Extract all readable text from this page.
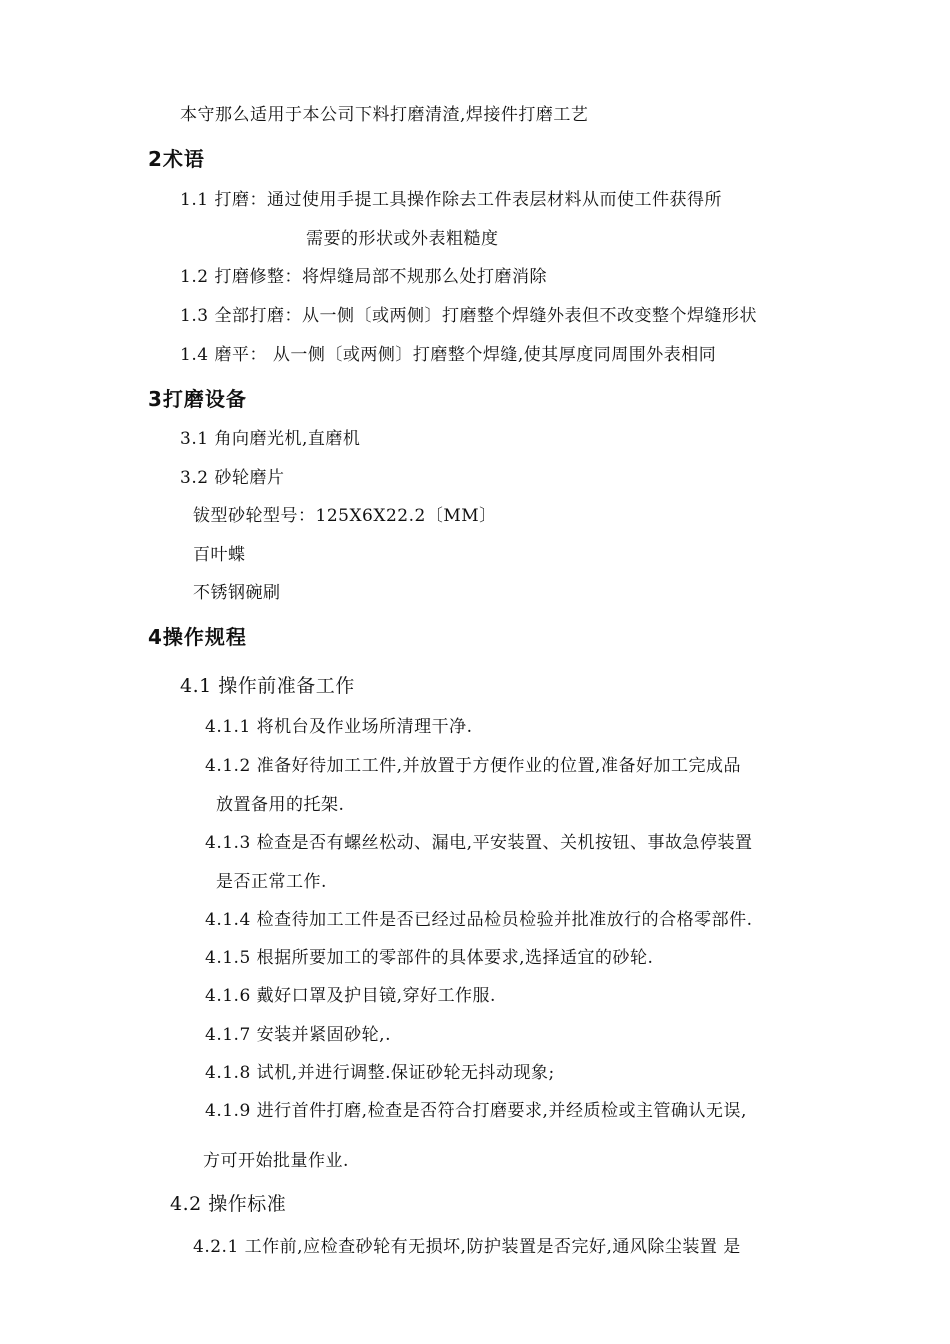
本守那么适用于本公司下料打磨清渣,焊接件打磨工艺
2术语
1.1 打磨：通过使用手提工具操作除去工件表层材料从而使工件获得所
需要的形状或外表粗糙度
1.2 打磨修整：将焊缝局部不规那么处打磨消除
1.3 全部打磨：从一侧〔或两侧〕打磨整个焊缝外表但不改变整个焊缝形状
1.4 磨平： 从一侧〔或两侧〕打磨整个焊缝,使其厚度同周围外表相同
3打磨设备
3.1 角向磨光机,直磨机
3.2 砂轮磨片
钹型砂轮型号：125X6X22.2〔MM〕
百叶蝶
不锈钢碗刷
4操作规程
4.1 操作前准备工作
4.1.1 将机台及作业场所清理干净.
4.1.2 准备好待加工工件,并放置于方便作业的位置,准备好加工完成品
放置备用的托架.
4.1.3 检查是否有螺丝松动、漏电,平安装置、关机按钮、事故急停装置
是否正常工作.
4.1.4 检查待加工工件是否已经过品检员检验并批准放行的合格零部件.
4.1.5 根据所要加工的零部件的具体要求,选择适宜的砂轮.
4.1.6 戴好口罩及护目镜,穿好工作服.
4.1.7 安装并紧固砂轮,.
4.1.8 试机,并进行调整.保证砂轮无抖动现象;
4.1.9 进行首件打磨,检查是否符合打磨要求,并经质检或主管确认无误,
方可开始批量作业.
4.2 操作标准
4.2.1 工作前,应检查砂轮有无损坏,防护装置是否完好,通风除尘装置 是
